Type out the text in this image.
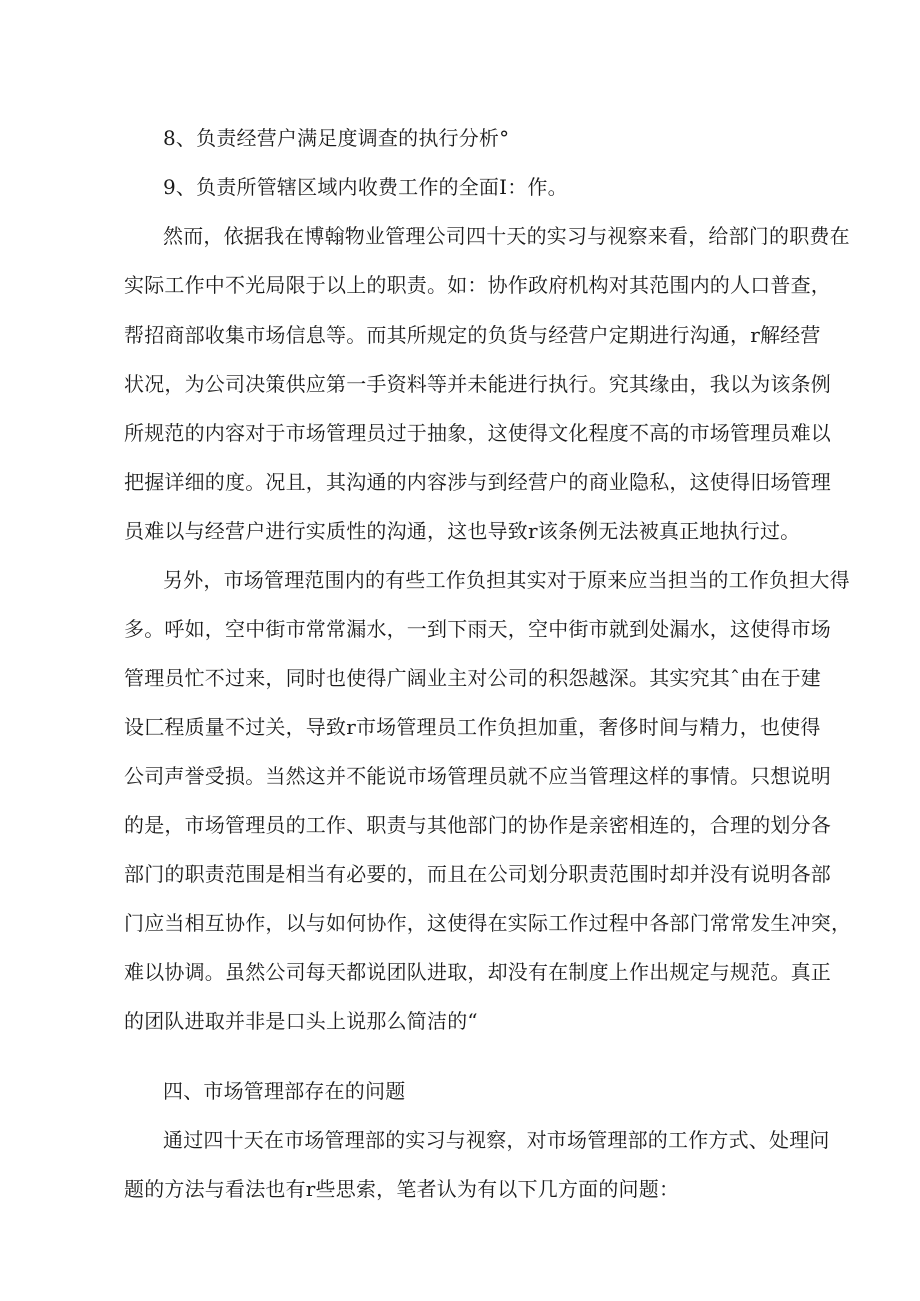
8、负责经营户满足度调查的执行分析°
9、负责所管辖区域内收费工作的全面I：作。
然而，依据我在博翰物业管理公司四十天的实习与视察来看，给部门的职费在
实际工作中不光局限于以上的职责。如：协作政府机构对其范围内的人口普查，
帮招商部收集市场信息等。而其所规定的负货与经营户定期进行沟通，r解经营
状况，为公司决策供应第一手资料等并未能进行执行。究其缘由，我以为该条例
所规范的内容对于市场管理员过于抽象，这使得文化程度不高的市场管理员难以
把握详细的度。况且，其沟通的内容涉与到经营户的商业隐私，这使得旧场管理
员难以与经营户进行实质性的沟通，这也导致r该条例无法被真正地执行过。
另外，市场管理范围内的有些工作负担其实对于原来应当担当的工作负担大得
多。呼如，空中街市常常漏水，一到下雨天，空中街市就到处漏水，这使得市场
管理员忙不过来，同时也使得广阔业主对公司的积怨越深。其实究其ˆ由在于建
设匚程质量不过关，导致r市场管理员工作负担加重，奢侈时间与精力，也使得
公司声誉受损。当然这并不能说市场管理员就不应当管理这样的事情。只想说明
的是，市场管理员的工作、职责与其他部门的协作是亲密相连的，合理的划分各
部门的职责范围是相当有必要的，而且在公司划分职责范围时却并没有说明各部
门应当相互协作，以与如何协作，这使得在实际工作过程中各部门常常发生冲突，
难以协调。虽然公司每天都说团队进取，却没有在制度上作出规定与规范。真正
的团队进取并非是口头上说那么简洁的“
四、市场管理部存在的问题
通过四十天在市场管理部的实习与视察，对市场管理部的工作方式、处理问
题的方法与看法也有r些思索，笔者认为有以下几方面的问题：
